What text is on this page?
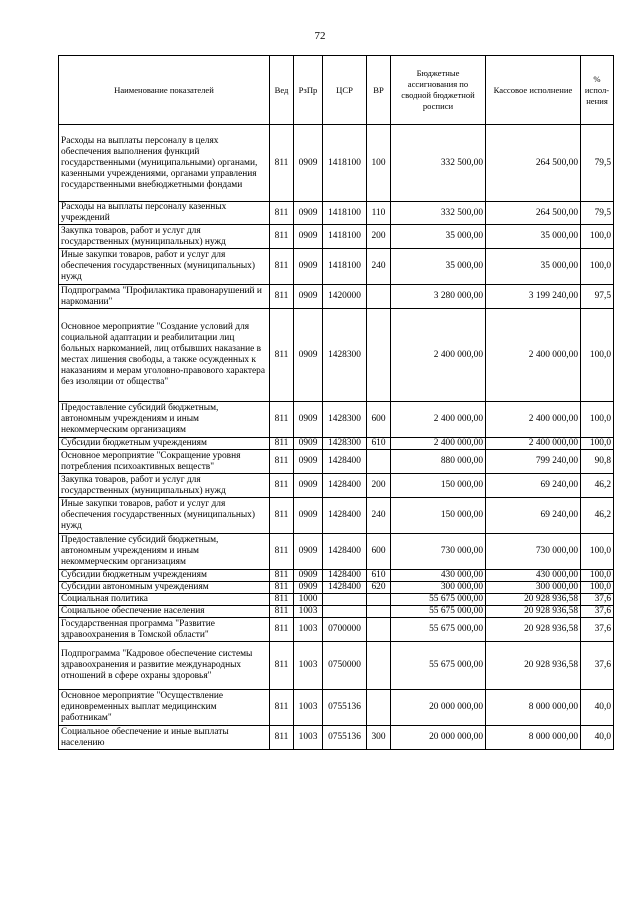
72
Наименование показателей	Вед	РзПр	ЦСР	ВР	Бюджетные ассигнования по сводной бюджетной росписи	Кассовое исполнение	% испол-нения
Расходы на выплаты персоналу в целях обеспечения выполнения функций государственными (муниципальными) органами, казенными учреждениями, органами управления государственными внебюджетными фондами	811	0909	1418100	100	332 500,00	264 500,00	79,5
Расходы на выплаты персоналу казенных учреждений	811	0909	1418100	110	332 500,00	264 500,00	79,5
Закупка товаров, работ и услуг для государственных (муниципальных) нужд	811	0909	1418100	200	35 000,00	35 000,00	100,0
Иные закупки товаров, работ и услуг для обеспечения государственных (муниципальных) нужд	811	0909	1418100	240	35 000,00	35 000,00	100,0
Подпрограмма "Профилактика правонарушений и наркомании"	811	0909	1420000		3 280 000,00	3 199 240,00	97,5
Основное мероприятие "Создание условий для социальной адаптации и реабилитации лиц больных наркоманией, лиц отбывших наказание в местах лишения свободы, а также осужденных к наказаниям и мерам уголовно-правового характера без изоляции от общества"	811	0909	1428300		2 400 000,00	2 400 000,00	100,0
Предоставление субсидий бюджетным, автономным учреждениям и иным некоммерческим организациям	811	0909	1428300	600	2 400 000,00	2 400 000,00	100,0
Субсидии бюджетным учреждениям	811	0909	1428300	610	2 400 000,00	2 400 000,00	100,0
Основное мероприятие "Сокращение уровня потребления психоактивных веществ"	811	0909	1428400		880 000,00	799 240,00	90,8
Закупка товаров, работ и услуг для государственных (муниципальных) нужд	811	0909	1428400	200	150 000,00	69 240,00	46,2
Иные закупки товаров, работ и услуг для обеспечения государственных (муниципальных) нужд	811	0909	1428400	240	150 000,00	69 240,00	46,2
Предоставление субсидий бюджетным, автономным учреждениям и иным некоммерческим организациям	811	0909	1428400	600	730 000,00	730 000,00	100,0
Субсидии бюджетным учреждениям	811	0909	1428400	610	430 000,00	430 000,00	100,0
Субсидии автономным учреждениям	811	0909	1428400	620	300 000,00	300 000,00	100,0
Социальная политика	811	1000			55 675 000,00	20 928 936,58	37,6
Социальное обеспечение населения	811	1003			55 675 000,00	20 928 936,58	37,6
Государственная программа "Развитие здравоохранения в Томской области"	811	1003	0700000		55 675 000,00	20 928 936,58	37,6
Подпрограмма "Кадровое обеспечение системы здравоохранения и развитие международных отношений в сфере охраны здоровья"	811	1003	0750000		55 675 000,00	20 928 936,58	37,6
Основное мероприятие "Осуществление единовременных выплат медицинским работникам"	811	1003	0755136		20 000 000,00	8 000 000,00	40,0
Социальное обеспечение и иные выплаты населению	811	1003	0755136	300	20 000 000,00	8 000 000,00	40,0
